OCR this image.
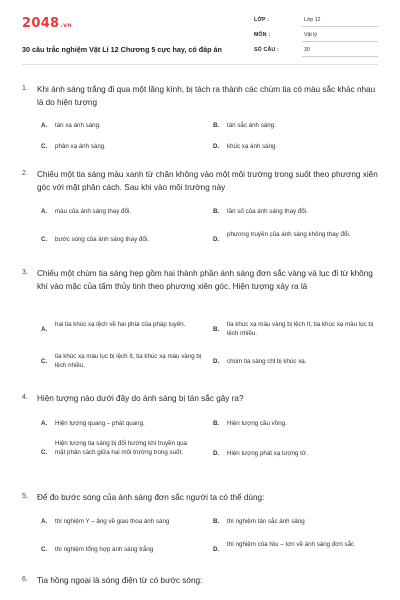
2048.vn
30 câu trắc nghiệm Vật Lí 12 Chương 5 cực hay, có đáp án
LỚP :	Lớp 12
MÔN :	Vật lý
SỐ CÂU :	30
1. Khi ánh sáng trắng đi qua một lăng kính, bị tách ra thành các chùm tia có màu sắc khác nhau là do hiện tượng
A. tán xạ ánh sáng.	B. tán sắc ánh sáng.
C. phản xạ ánh sáng.	D. khúc xạ ánh sáng
2. Chiếu một tia sáng màu xanh từ chân không vào một môi trường trong suốt theo phương xiên góc với mặt phân cách. Sau khi vào môi trường này
A. màu của ánh sáng thay đổi.	B. tần số của ánh sáng thay đổi.
C. bước sóng của ánh sáng thay đổi.	D.
phương truyền của ánh sáng không thay đổi.
3. Chiếu một chùm tia sáng hẹp gồm hai thành phần ánh sáng đơn sắc vàng và lục đi từ không khí vào mặc của tấm thủy tinh theo phương xiên góc. Hiện tượng xảy ra là
A.
hai tia khúc xạ lệch về hai phía của pháp tuyến.
B.
tia khúc xạ màu vàng bị lệch ít, tia khúc xạ màu lục bị lệch nhiều.
C.
tia khúc xạ màu lục bị lệch ít, tia khúc xạ màu vàng bị lệch nhiều.
D. chùm tia sáng chỉ bị khúc xạ.
4. Hiện tượng nào dưới đây do ánh sáng bị tán sắc gây ra?
A. Hiện tượng quang – phát quang.	B. Hiện tượng cầu vồng.
C.
Hiện tượng tia sáng bị đổi hướng khi truyền qua mặt phân cách giữa hai môi trường trong suốt.	D. Hiện tượng phát xạ lượng tử.
5. Để đo bước sóng của ánh sáng đơn sắc người ta có thể dùng:
A. thí nghiệm Y – âng về giao thoa ánh sáng	B. thí nghiệm tán sắc ánh sáng
C. thí nghiệm tổng hợp ánh sáng trắng	D.
thí nghiệm của Niu – tơn về ánh sáng đơn sắc
6. Tia hồng ngoại là sóng điện từ có bước sóng:
